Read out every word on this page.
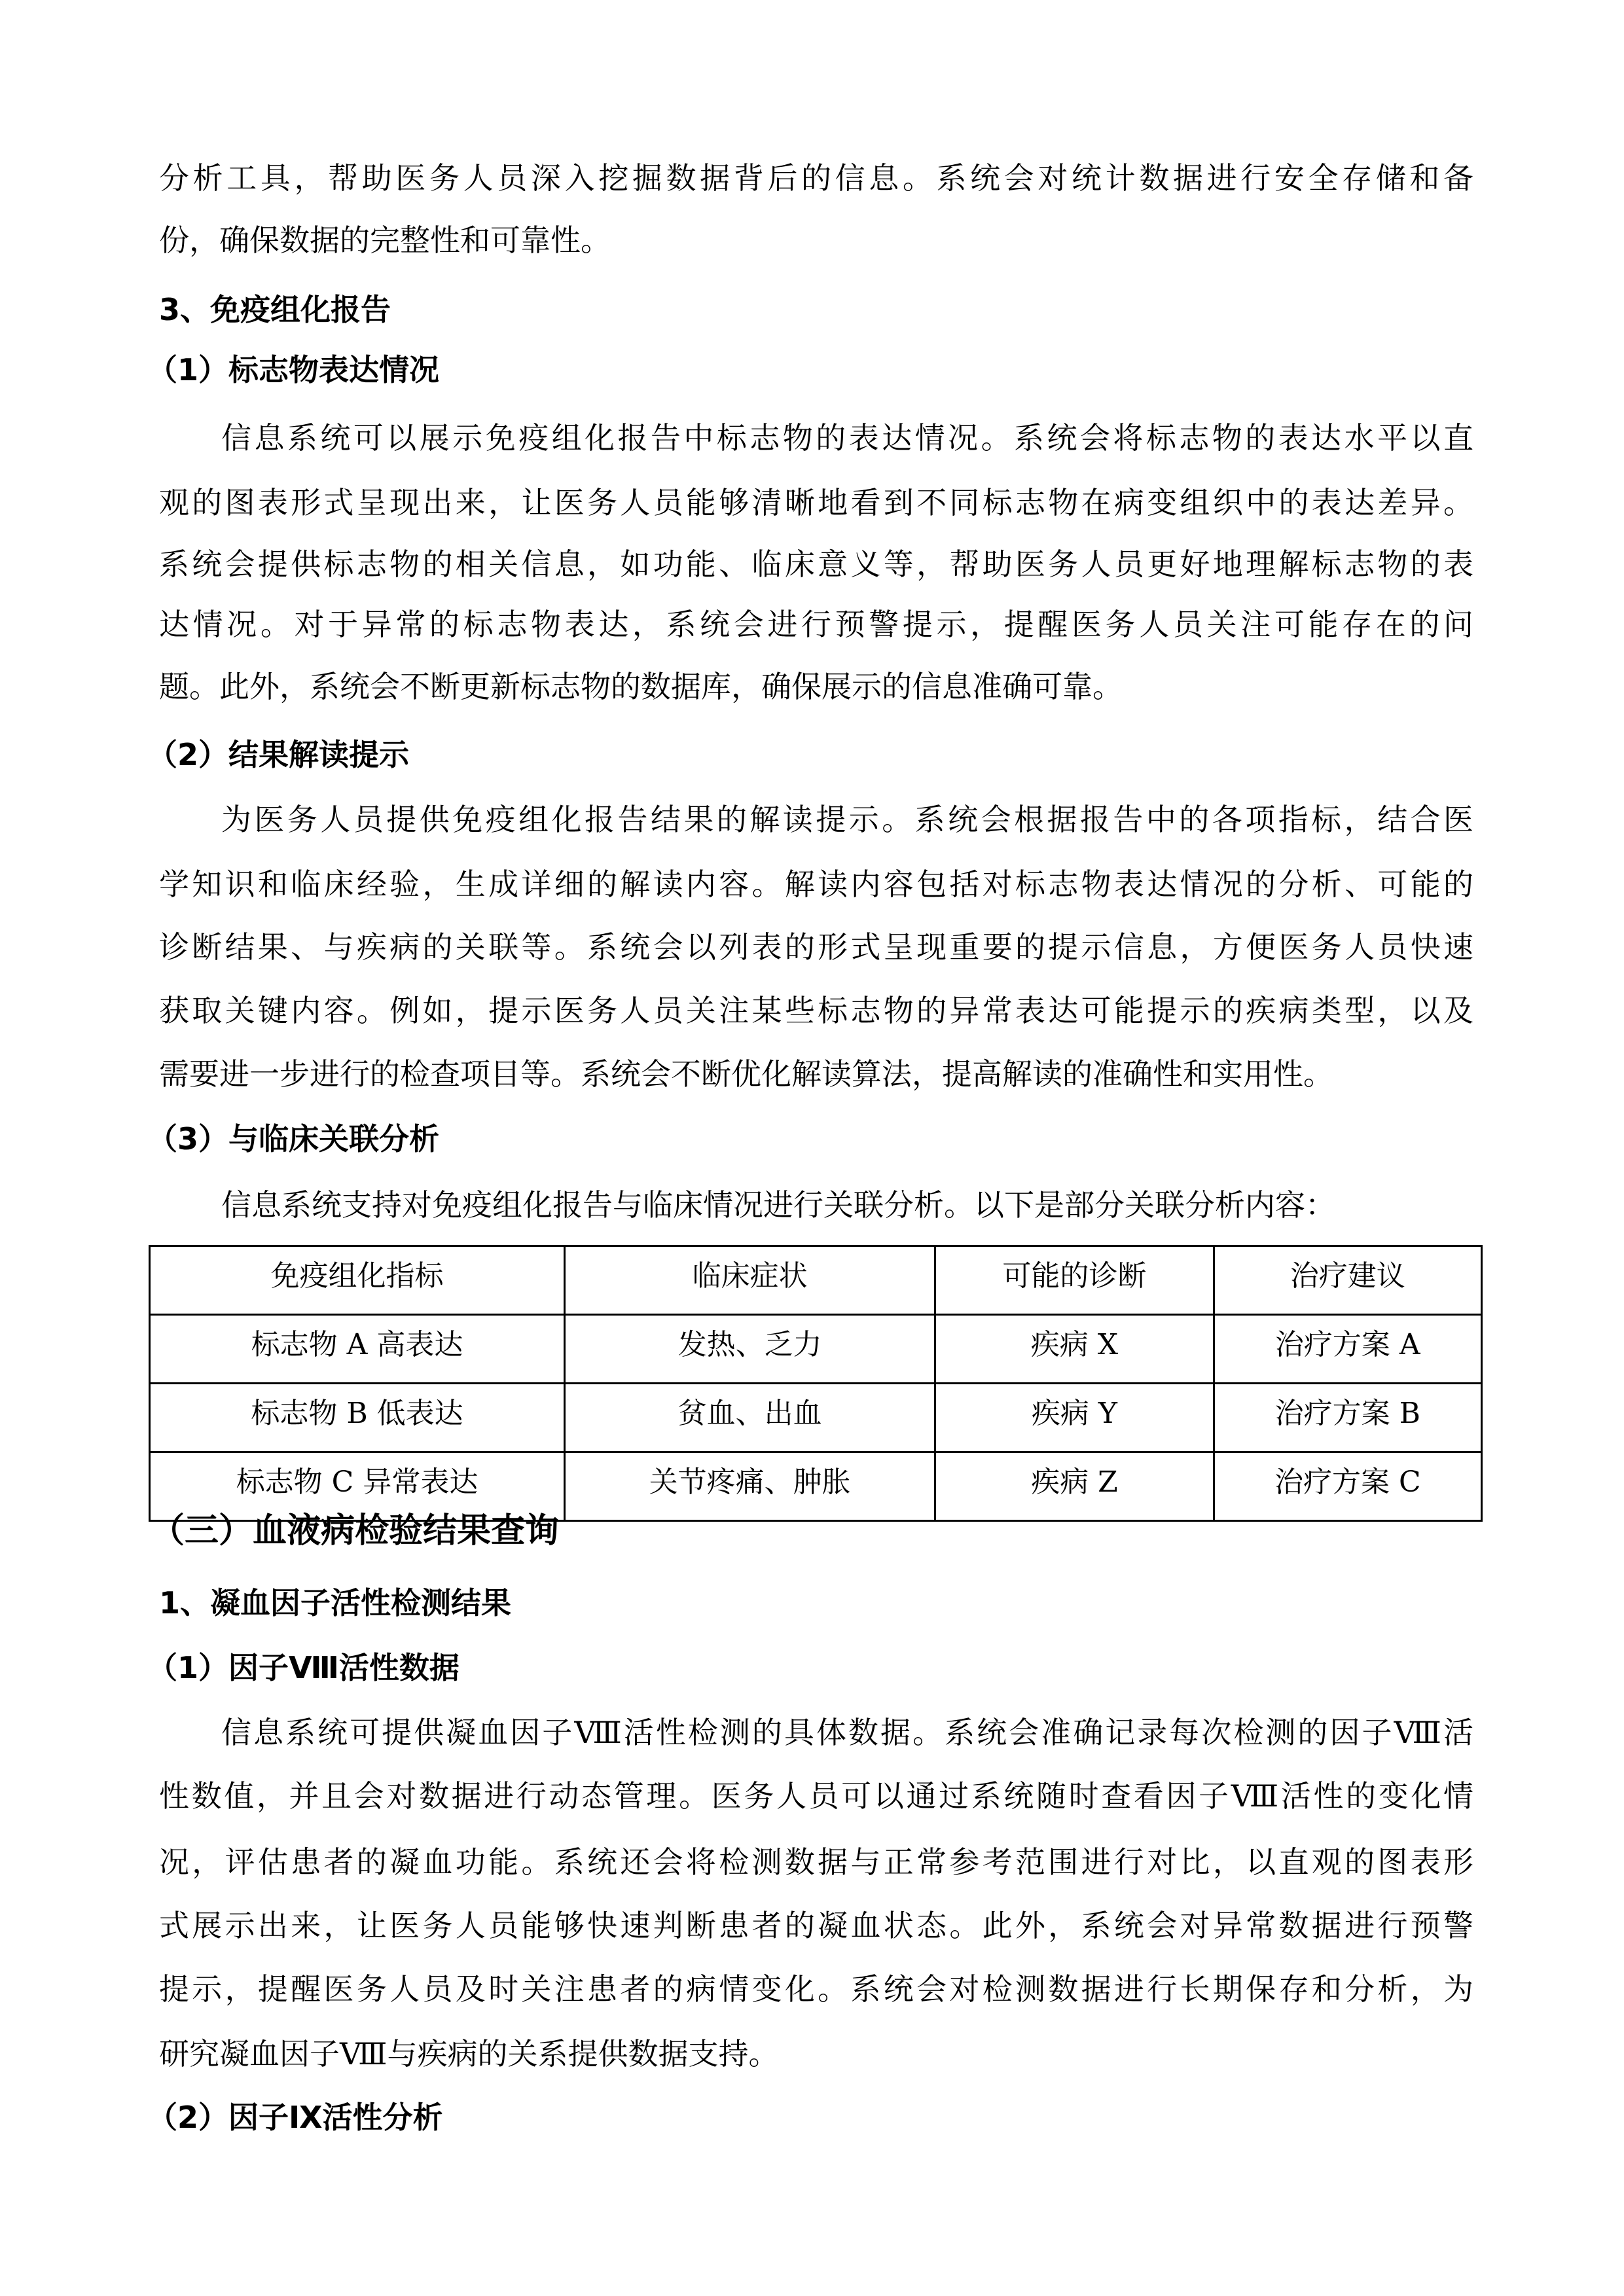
分析工具，帮助医务人员深入挖掘数据背后的信息。系统会对统计数据进行安全存储和备
份，确保数据的完整性和可靠性。
3、免疫组化报告
（1）标志物表达情况
信息系统可以展示免疫组化报告中标志物的表达情况。系统会将标志物的表达水平以直
观的图表形式呈现出来，让医务人员能够清晰地看到不同标志物在病变组织中的表达差异。
系统会提供标志物的相关信息，如功能、临床意义等，帮助医务人员更好地理解标志物的表
达情况。对于异常的标志物表达，系统会进行预警提示，提醒医务人员关注可能存在的问
题。此外，系统会不断更新标志物的数据库，确保展示的信息准确可靠。
（2）结果解读提示
为医务人员提供免疫组化报告结果的解读提示。系统会根据报告中的各项指标，结合医
学知识和临床经验，生成详细的解读内容。解读内容包括对标志物表达情况的分析、可能的
诊断结果、与疾病的关联等。系统会以列表的形式呈现重要的提示信息，方便医务人员快速
获取关键内容。例如，提示医务人员关注某些标志物的异常表达可能提示的疾病类型，以及
需要进一步进行的检查项目等。系统会不断优化解读算法，提高解读的准确性和实用性。
（3）与临床关联分析
信息系统支持对免疫组化报告与临床情况进行关联分析。以下是部分关联分析内容：
免疫组化指标	临床症状	可能的诊断	治疗建议
标志物 A 高表达	发热、乏力	疾病 X	治疗方案 A
标志物 B 低表达	贫血、出血	疾病 Y	治疗方案 B
标志物 C 异常表达	关节疼痛、肿胀	疾病 Z	治疗方案 C
（三）血液病检验结果查询
1、凝血因子活性检测结果
（1）因子Ⅷ活性数据
信息系统可提供凝血因子Ⅷ活性检测的具体数据。系统会准确记录每次检测的因子Ⅷ活
性数值，并且会对数据进行动态管理。医务人员可以通过系统随时查看因子Ⅷ活性的变化情
况，评估患者的凝血功能。系统还会将检测数据与正常参考范围进行对比，以直观的图表形
式展示出来，让医务人员能够快速判断患者的凝血状态。此外，系统会对异常数据进行预警
提示，提醒医务人员及时关注患者的病情变化。系统会对检测数据进行长期保存和分析，为
研究凝血因子Ⅷ与疾病的关系提供数据支持。
（2）因子Ⅸ活性分析
